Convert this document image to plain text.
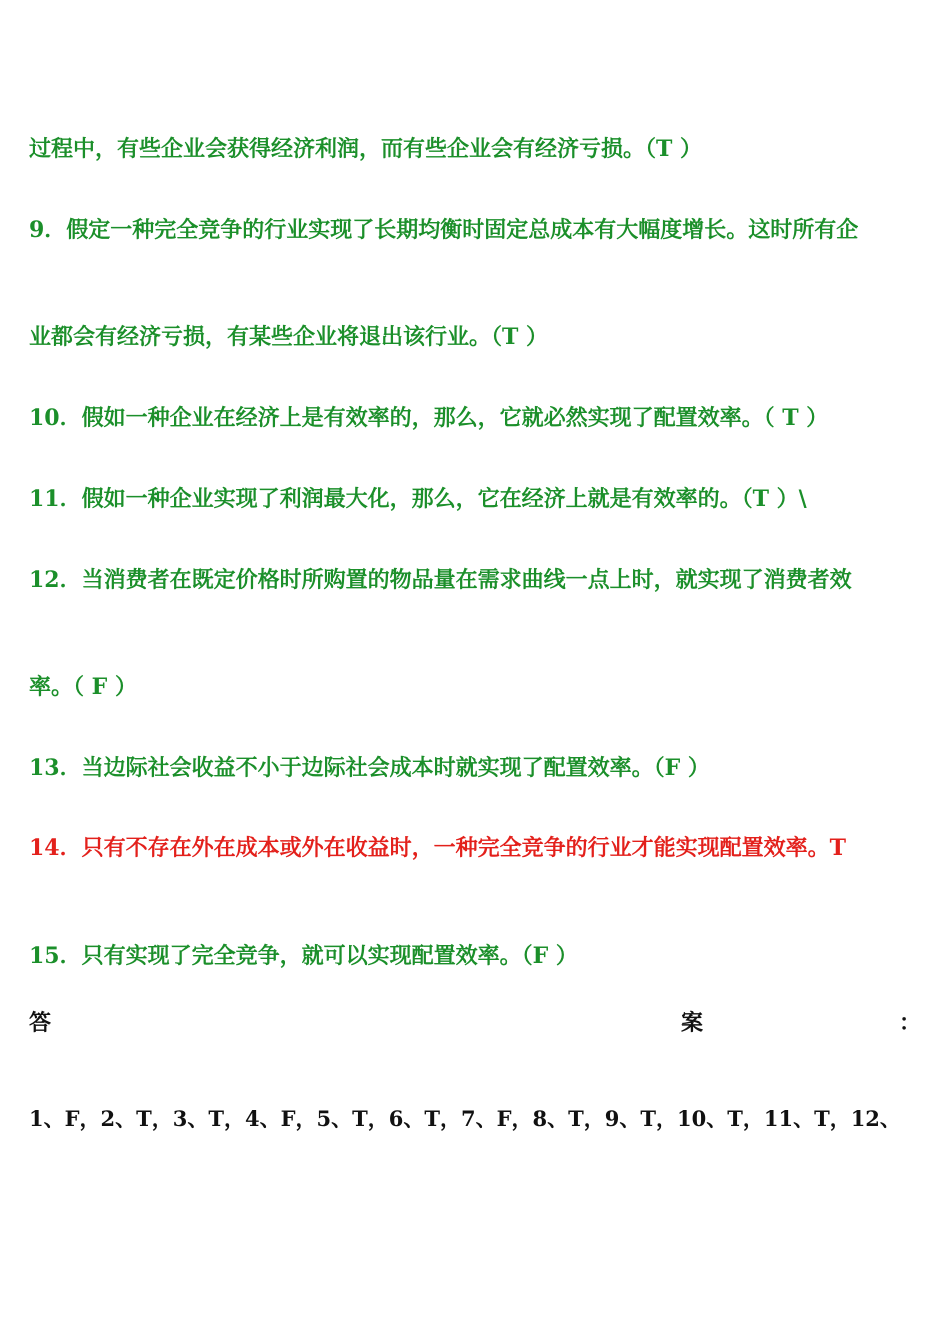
过程中，有些企业会获得经济利润，而有些企业会有经济亏损。（T ）
9．假定一种完全竞争的行业实现了长期均衡时固定总成本有大幅度增长。这时所有企
业都会有经济亏损，有某些企业将退出该行业。（T ）
10．假如一种企业在经济上是有效率的，那么，它就必然实现了配置效率。（ T ）
11．假如一种企业实现了利润最大化，那么，它在经济上就是有效率的。（T ）\
12．当消费者在既定价格时所购置的物品量在需求曲线一点上时，就实现了消费者效
率。（ F ）
13．当边际社会收益不小于边际社会成本时就实现了配置效率。（F ）
14．只有不存在外在成本或外在收益时，一种完全竞争的行业才能实现配置效率。T
15．只有实现了完全竞争，就可以实现配置效率。（F ）
答	案	：
1、F，2、T，3、T，4、F，5、T，6、T，7、F，8、T，9、T，10、T，11、T，12、
